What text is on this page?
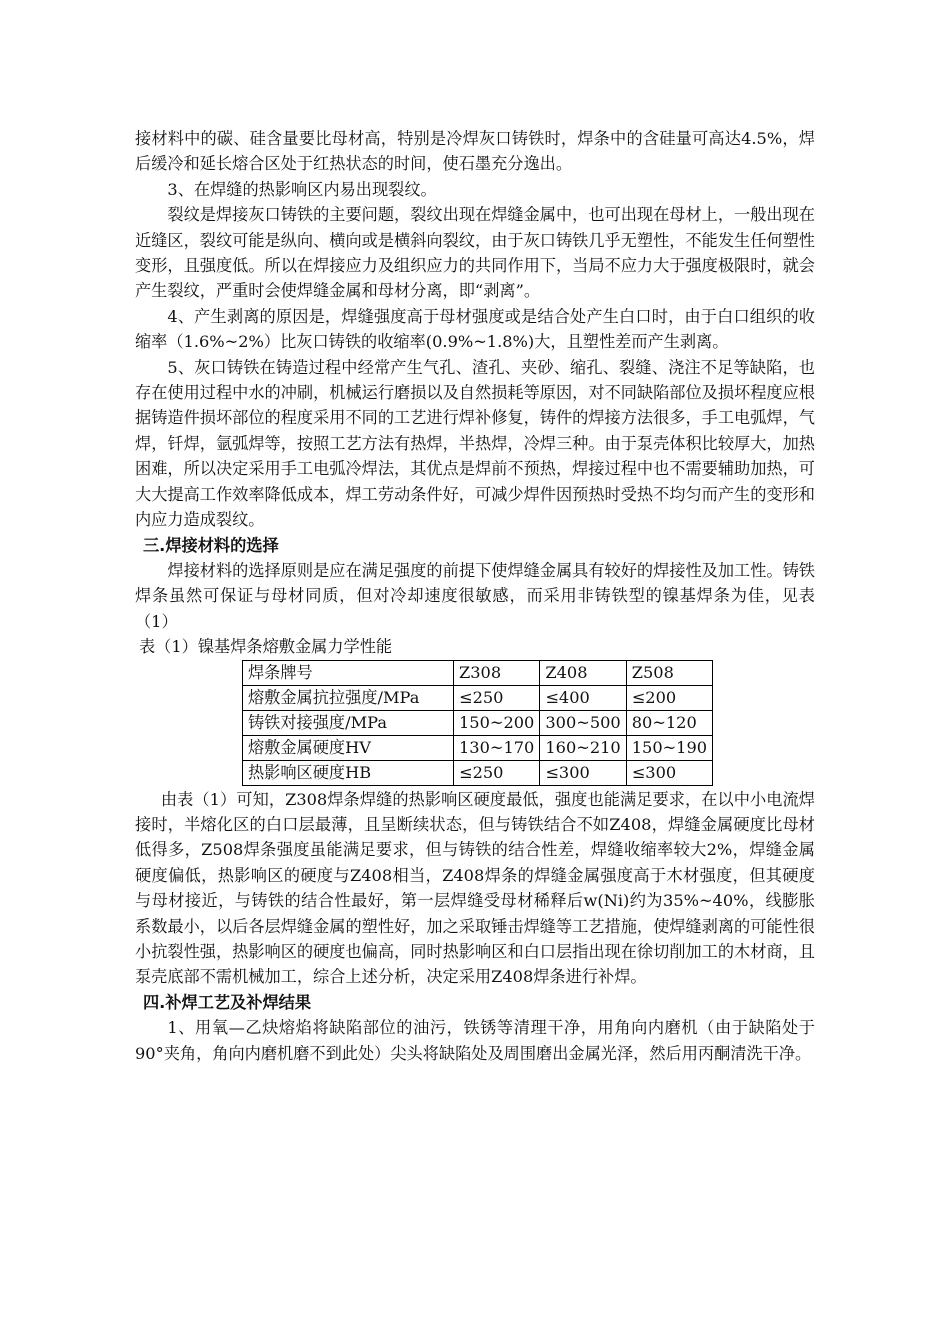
接材料中的碳、硅含量要比母材高，特别是冷焊灰口铸铁时，焊条中的含硅量可高达4.5%，焊后缓冷和延长熔合区处于红热状态的时间，使石墨充分逸出。

3、在焊缝的热影响区内易出现裂纹。

裂纹是焊接灰口铸铁的主要问题，裂纹出现在焊缝金属中，也可出现在母材上，一般出现在近缝区，裂纹可能是纵向、横向或是横斜向裂纹，由于灰口铸铁几乎无塑性，不能发生任何塑性变形，且强度低。所以在焊接应力及组织应力的共同作用下，当局不应力大于强度极限时，就会产生裂纹，严重时会使焊缝金属和母材分离，即“剥离”。

4、产生剥离的原因是，焊缝强度高于母材强度或是结合处产生白口时，由于白口组织的收缩率（1.6%~2%）比灰口铸铁的收缩率(0.9%~1.8%)大，且塑性差而产生剥离。

5、灰口铸铁在铸造过程中经常产生气孔、渣孔、夹砂、缩孔、裂缝、浇注不足等缺陷，也存在使用过程中水的冲刷，机械运行磨损以及自然损耗等原因，对不同缺陷部位及损坏程度应根据铸造件损坏部位的程度采用不同的工艺进行焊补修复，铸件的焊接方法很多，手工电弧焊，气焊，钎焊，氩弧焊等，按照工艺方法有热焊，半热焊，冷焊三种。由于泵壳体积比较厚大，加热困难，所以决定采用手工电弧冷焊法，其优点是焊前不预热，焊接过程中也不需要辅助加热，可大大提高工作效率降低成本，焊工劳动条件好，可减少焊件因预热时受热不均匀而产生的变形和内应力造成裂纹。

三.焊接材料的选择

焊接材料的选择原则是应在满足强度的前提下使焊缝金属具有较好的焊接性及加工性。铸铁焊条虽然可保证与母材同质，但对冷却速度很敏感，而采用非铸铁型的镍基焊条为佳，见表（1）

表（1）镍基焊条熔敷金属力学性能

焊条牌号	Z308	Z408	Z508
熔敷金属抗拉强度/MPa	≤250	≤400	≤200
铸铁对接强度/MPa	150~200	300~500	80~120
熔敷金属硬度HV	130~170	160~210	150~190
热影响区硬度HB	≤250	≤300	≤300

由表（1）可知，Z308焊条焊缝的热影响区硬度最低，强度也能满足要求，在以中小电流焊接时，半熔化区的白口层最薄，且呈断续状态，但与铸铁结合不如Z408，焊缝金属硬度比母材低得多，Z508焊条强度虽能满足要求，但与铸铁的结合性差，焊缝收缩率较大2%，焊缝金属硬度偏低，热影响区的硬度与Z408相当，Z408焊条的焊缝金属强度高于木材强度，但其硬度与母材接近，与铸铁的结合性最好，第一层焊缝受母材稀释后w(Ni)约为35%~40%，线膨胀系数最小，以后各层焊缝金属的塑性好，加之采取锤击焊缝等工艺措施，使焊缝剥离的可能性很小抗裂性强，热影响区的硬度也偏高，同时热影响区和白口层指出现在徐切削加工的木材商，且泵壳底部不需机械加工，综合上述分析，决定采用Z408焊条进行补焊。

四.补焊工艺及补焊结果

1、用氧—乙炔熔焰将缺陷部位的油污，铁锈等清理干净，用角向内磨机（由于缺陷处于90°夹角，角向内磨机磨不到此处）尖头将缺陷处及周围磨出金属光泽，然后用丙酮清洗干净。
